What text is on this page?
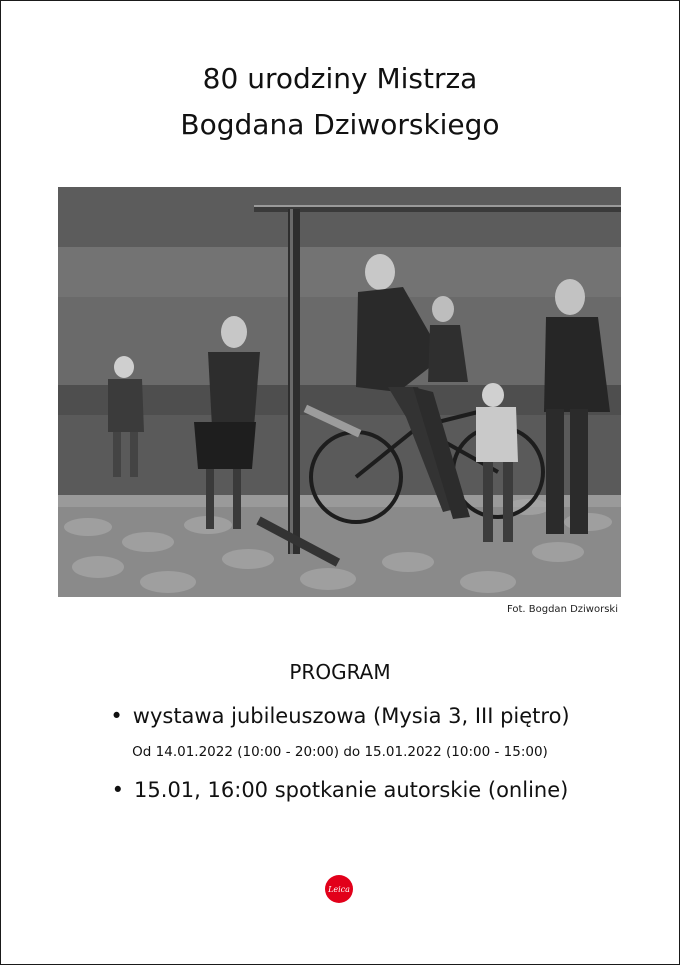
80 urodziny Mistrza
Bogdana Dziworskiego
Fot. Bogdan Dziworski
PROGRAM
• wystawa jubileuszowa (Mysia 3, III piętro)
Od 14.01.2022 (10:00 - 20:00) do 15.01.2022 (10:00 - 15:00)
• 15.01, 16:00 spotkanie autorskie (online)
Leica
